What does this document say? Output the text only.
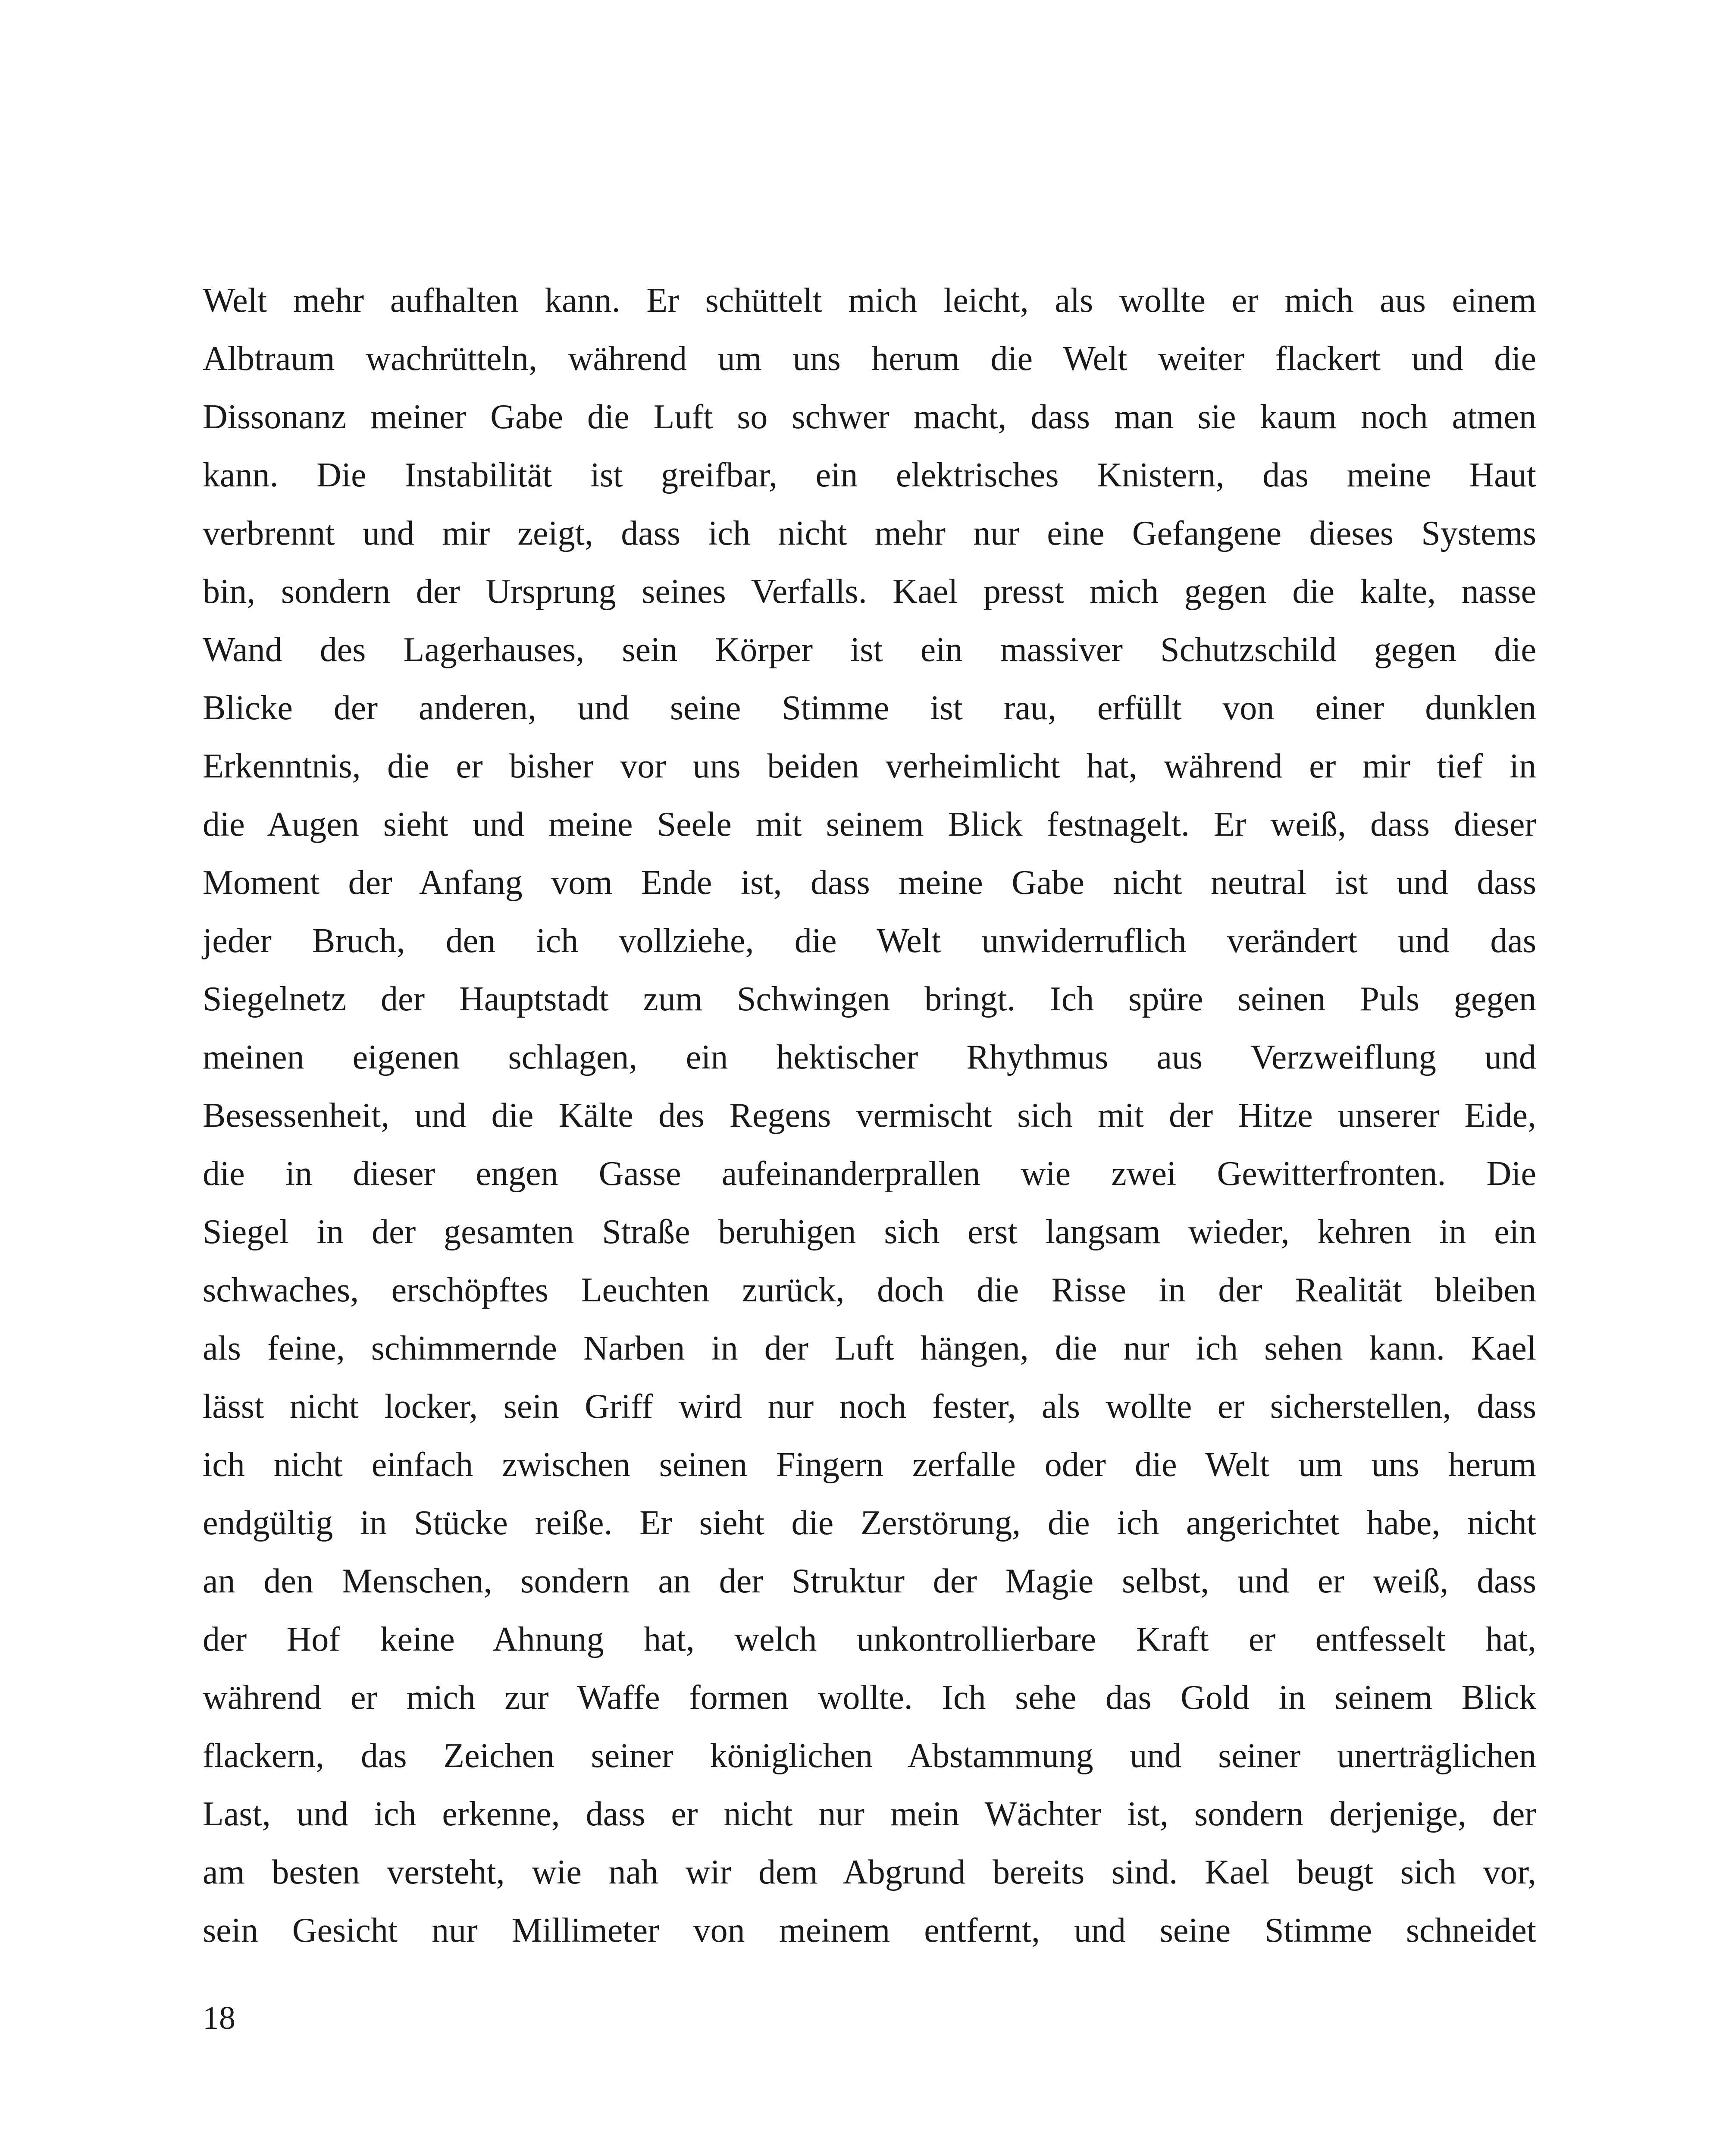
Welt mehr aufhalten kann. Er schüttelt mich leicht, als wollte er mich aus einem
Albtraum wachrütteln, während um uns herum die Welt weiter flackert und die
Dissonanz meiner Gabe die Luft so schwer macht, dass man sie kaum noch atmen
kann. Die Instabilität ist greifbar, ein elektrisches Knistern, das meine Haut
verbrennt und mir zeigt, dass ich nicht mehr nur eine Gefangene dieses Systems
bin, sondern der Ursprung seines Verfalls. Kael presst mich gegen die kalte, nasse
Wand des Lagerhauses, sein Körper ist ein massiver Schutzschild gegen die
Blicke der anderen, und seine Stimme ist rau, erfüllt von einer dunklen
Erkenntnis, die er bisher vor uns beiden verheimlicht hat, während er mir tief in
die Augen sieht und meine Seele mit seinem Blick festnagelt. Er weiß, dass dieser
Moment der Anfang vom Ende ist, dass meine Gabe nicht neutral ist und dass
jeder Bruch, den ich vollziehe, die Welt unwiderruflich verändert und das
Siegelnetz der Hauptstadt zum Schwingen bringt. Ich spüre seinen Puls gegen
meinen eigenen schlagen, ein hektischer Rhythmus aus Verzweiflung und
Besessenheit, und die Kälte des Regens vermischt sich mit der Hitze unserer Eide,
die in dieser engen Gasse aufeinanderprallen wie zwei Gewitterfronten. Die
Siegel in der gesamten Straße beruhigen sich erst langsam wieder, kehren in ein
schwaches, erschöpftes Leuchten zurück, doch die Risse in der Realität bleiben
als feine, schimmernde Narben in der Luft hängen, die nur ich sehen kann. Kael
lässt nicht locker, sein Griff wird nur noch fester, als wollte er sicherstellen, dass
ich nicht einfach zwischen seinen Fingern zerfalle oder die Welt um uns herum
endgültig in Stücke reiße. Er sieht die Zerstörung, die ich angerichtet habe, nicht
an den Menschen, sondern an der Struktur der Magie selbst, und er weiß, dass
der Hof keine Ahnung hat, welch unkontrollierbare Kraft er entfesselt hat,
während er mich zur Waffe formen wollte. Ich sehe das Gold in seinem Blick
flackern, das Zeichen seiner königlichen Abstammung und seiner unerträglichen
Last, und ich erkenne, dass er nicht nur mein Wächter ist, sondern derjenige, der
am besten versteht, wie nah wir dem Abgrund bereits sind. Kael beugt sich vor,
sein Gesicht nur Millimeter von meinem entfernt, und seine Stimme schneidet
18
